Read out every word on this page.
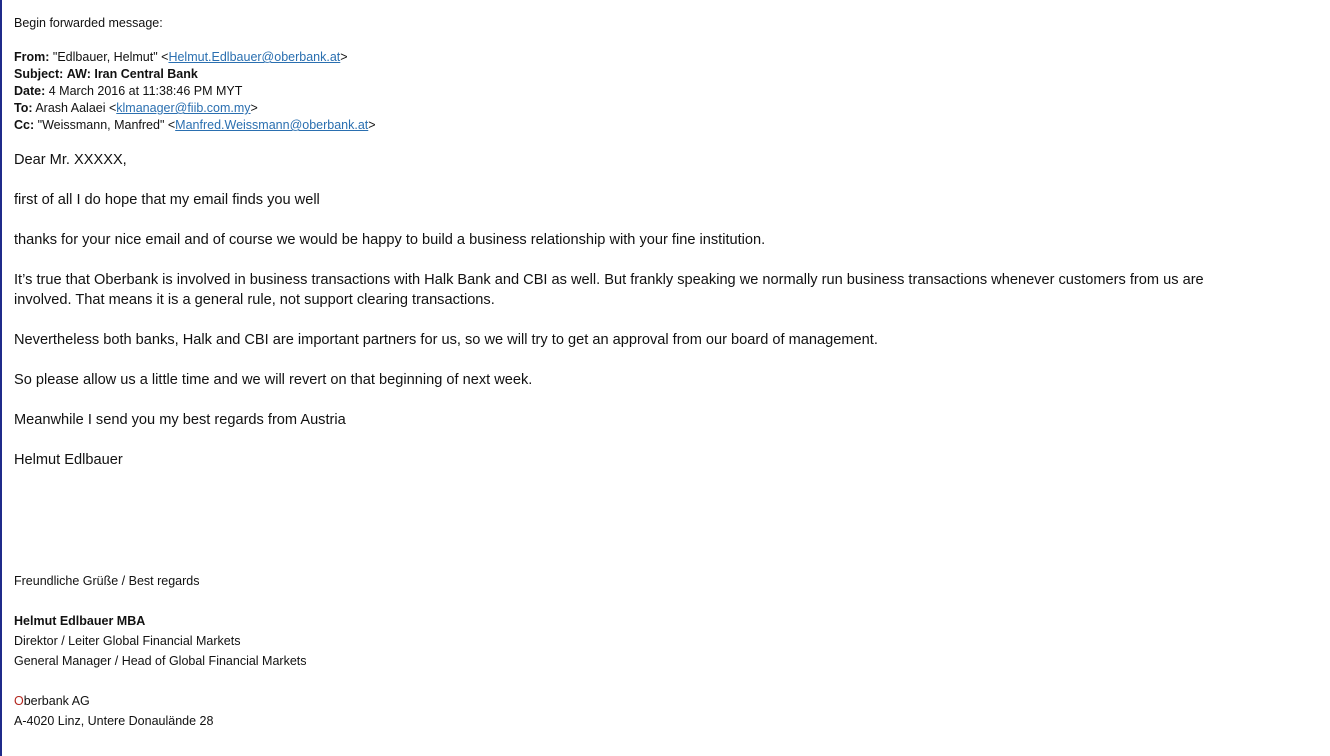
Begin forwarded message:
From: "Edlbauer, Helmut" <Helmut.Edlbauer@oberbank.at>
Subject: AW: Iran Central Bank
Date: 4 March 2016 at 11:38:46 PM MYT
To: Arash Aalaei <klmanager@fiib.com.my>
Cc: "Weissmann, Manfred" <Manfred.Weissmann@oberbank.at>
Dear Mr. XXXXX,
first of all I do hope that my email finds you well
thanks for your nice email and of course we would be happy to build a business relationship with your fine institution.
It’s true that Oberbank is involved in business transactions with Halk Bank and CBI as well. But frankly speaking we normally run business transactions whenever customers from us are
involved. That means it is a general rule, not support clearing transactions.
Nevertheless both banks, Halk and CBI are important partners for us, so we will try to get an approval from our board of management.
So please allow us a little time and we will revert on that beginning of next week.
Meanwhile I send you my best regards from Austria
Helmut Edlbauer
Freundliche Grüße / Best regards
Helmut Edlbauer MBA
Direktor / Leiter Global Financial Markets
General Manager / Head of Global Financial Markets
Oberbank AG
A-4020 Linz, Untere Donaulände 28
